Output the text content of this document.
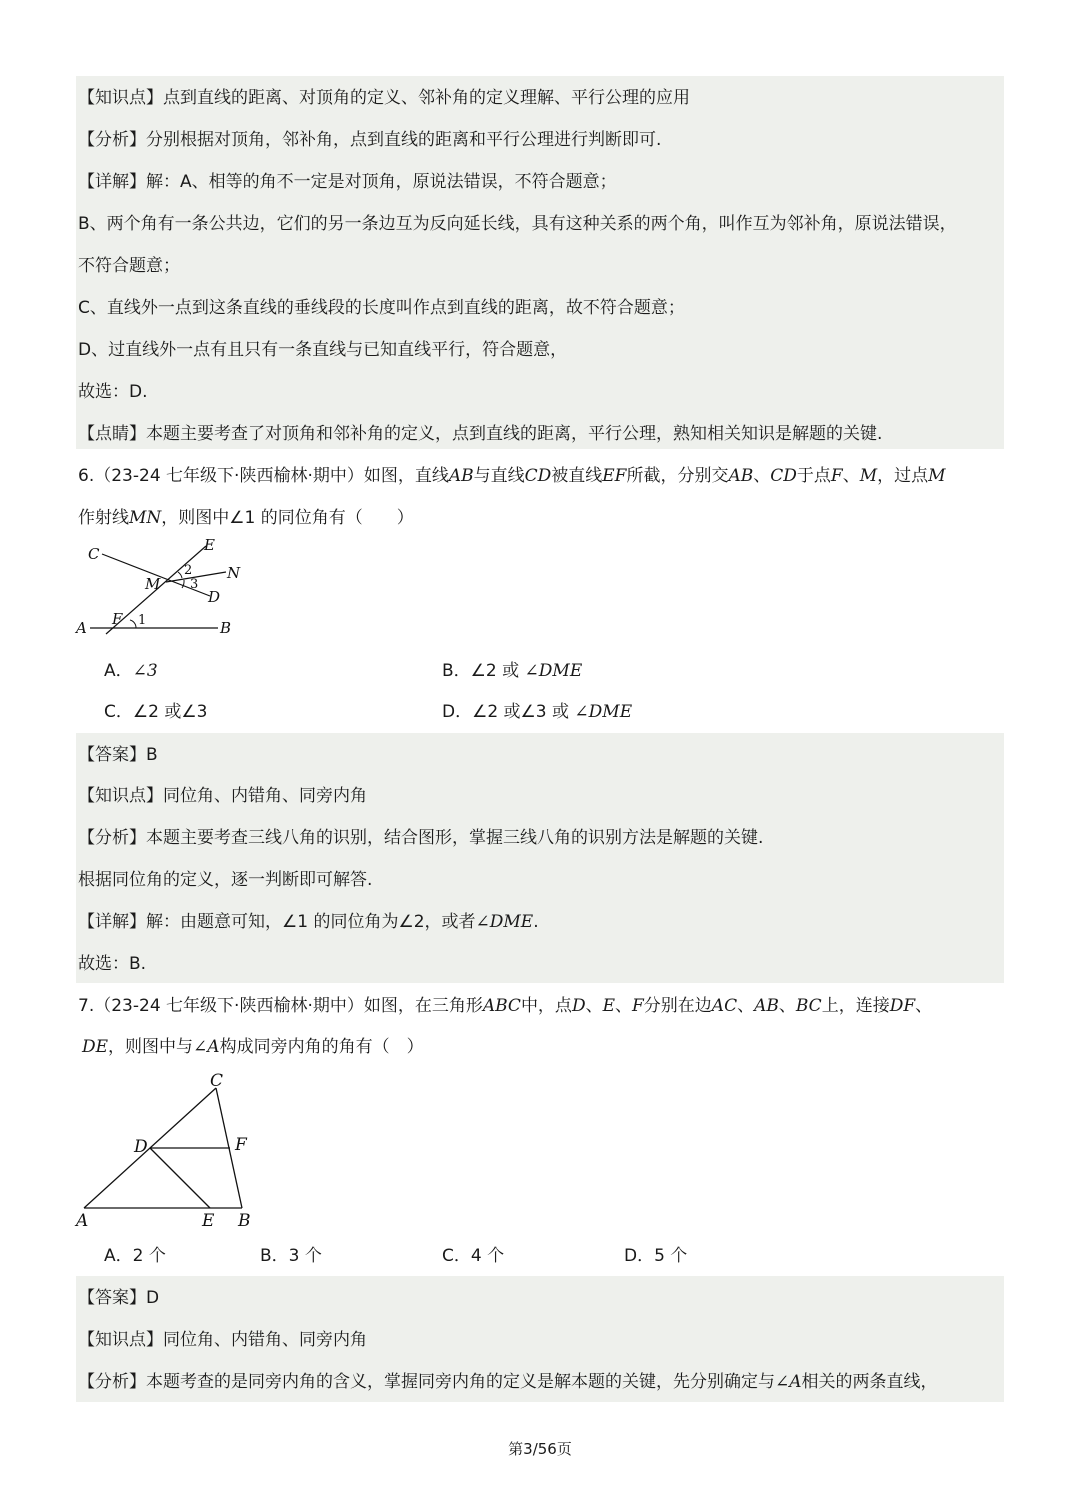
【知识点】点到直线的距离、对顶角的定义、邻补角的定义理解、平行公理的应用
【分析】分别根据对顶角，邻补角，点到直线的距离和平行公理进行判断即可.
【详解】解：A、相等的角不一定是对顶角，原说法错误，不符合题意；
B、两个角有一条公共边，它们的另一条边互为反向延长线，具有这种关系的两个角，叫作互为邻补角，原说法错误，
不符合题意；
C、直线外一点到这条直线的垂线段的长度叫作点到直线的距离，故不符合题意；
D、过直线外一点有且只有一条直线与已知直线平行，符合题意，
故选：D.
【点睛】本题主要考查了对顶角和邻补角的定义，点到直线的距离，平行公理，熟知相关知识是解题的关键.
6.（23-24 七年级下·陕西榆林·期中）如图，直线AB与直线CD被直线EF所截，分别交AB、CD于点F、M，过点M
作射线MN，则图中∠1 的同位角有（　　）
C	E
N
M
D
F
A	B
1
2
3
A．∠3	B．∠2 或 ∠DME
C．∠2 或∠3	D．∠2 或∠3 或 ∠DME
【答案】B
【知识点】同位角、内错角、同旁内角
【分析】本题主要考查三线八角的识别，结合图形，掌握三线八角的识别方法是解题的关键.
根据同位角的定义，逐一判断即可解答.
【详解】解：由题意可知，∠1 的同位角为∠2，或者∠DME.
故选：B.
7.（23-24 七年级下·陕西榆林·期中）如图，在三角形ABC中，点D、E、F分别在边AC、AB、BC上，连接DF、
DE，则图中与∠A构成同旁内角的角有（　）
C
D	F
A	E B
A．2 个	B．3 个	C．4 个	D．5 个
【答案】D
【知识点】同位角、内错角、同旁内角
【分析】本题考查的是同旁内角的含义，掌握同旁内角的定义是解本题的关键，先分别确定与∠A相关的两条直线，
第3/56页
